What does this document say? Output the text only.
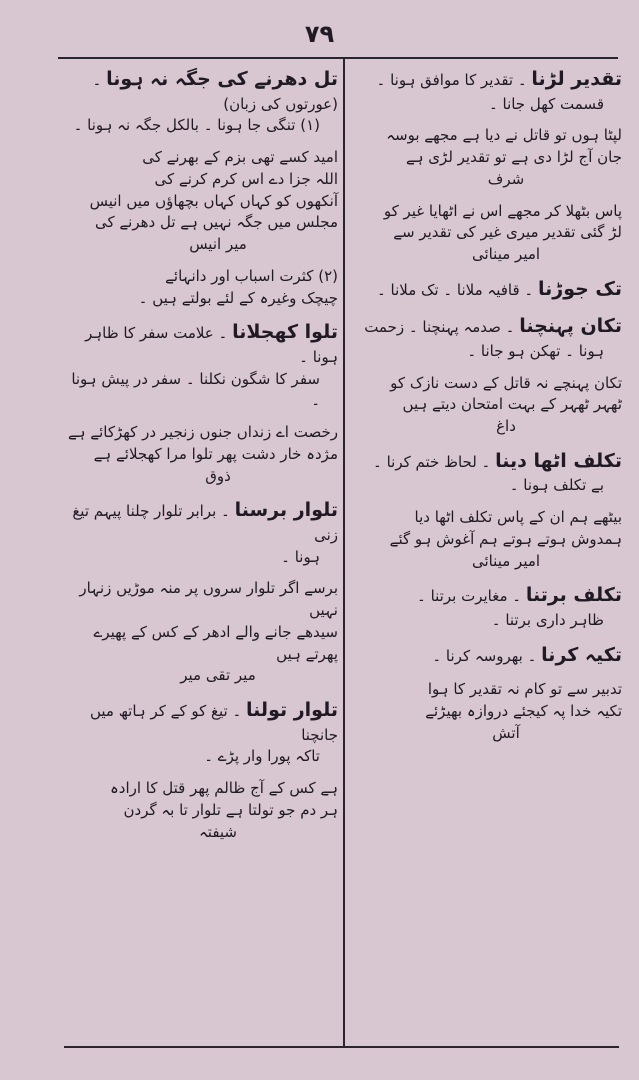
۷۹
تقدیر لڑنا ۔ تقدیر کا موافق ہونا ۔
قسمت کھل جانا ۔
لپٹا ہوں تو قاتل نے دیا ہے مجھے بوسہ
جان آج لڑا دی ہے تو تقدیر لڑی ہے
شرف
پاس بٹھلا کر مجھے اس نے اٹھایا غیر کو
لڑ گئی تقدیر میری غیر کی تقدیر سے
امیر مینائی
تک جوڑنا ۔ قافیہ ملانا ۔ تک ملانا ۔
تکان پہنچنا ۔ صدمہ پہنچنا ۔ زحمت
ہونا ۔ تھکن ہو جانا ۔
تکان پہنچے نہ قاتل کے دست نازک کو
ٹھہر ٹھہر کے بہت امتحان دیتے ہیں
داغ
تکلف اٹھا دینا ۔ لحاظ ختم کرنا ۔
بے تکلف ہونا ۔
بیٹھے ہم ان کے پاس تکلف اٹھا دیا
ہمدوش ہوتے ہوتے ہم آغوش ہو گئے
امیر مینائی
تکلف برتنا ۔ مغایرت برتنا ۔
ظاہر داری برتنا ۔
تکیہ کرنا ۔ بھروسہ کرنا ۔
تدبیر سے تو کام نہ تقدیر کا ہوا
تکیہ خدا پہ کیجئے دروازہ بھیڑئے
آتش
تل دھرنے کی جگہ نہ ہونا ۔ (عورتوں کی زبان)
(۱) تنگی جا ہونا ۔ بالکل جگہ نہ ہونا ۔
امید کسے تھی بزم کے بھرنے کی
اللہ جزا دے اس کرم کرنے کی
آنکھوں کو کہاں کہاں بچھاؤں میں انیس
مجلس میں جگہ نہیں ہے تل دھرنے کی
میر انیس
(۲) کثرت اسباب اور دانہائے
چیچک وغیرہ کے لئے بولتے ہیں ۔
تلوا کھجلانا ۔ علامت سفر کا ظاہر ہونا ۔
سفر کا شگون نکلنا ۔ سفر در پیش ہونا ۔
رخصت اے زنداں جنوں زنجیر در کھڑکائے ہے
مژدہ خار دشت پھر تلوا مرا کھجلائے ہے
ذوق
تلوار برسنا ۔ برابر تلوار چلنا پیہم تیغ زنی
ہونا ۔
برسے اگر تلوار سروں پر منہ موڑیں زنہار نہیں
سیدھے جانے والے ادھر کے کس کے پھیرے پھرتے ہیں
میر تقی میر
تلوار تولنا ۔ تیغ کو کے کر ہاتھ میں جانچنا
تاکہ پورا وار پڑے ۔
ہے کس کے آج ظالم پھر قتل کا ارادہ
ہر دم جو تولتا ہے تلوار تا بہ گردن
شیفتہ
